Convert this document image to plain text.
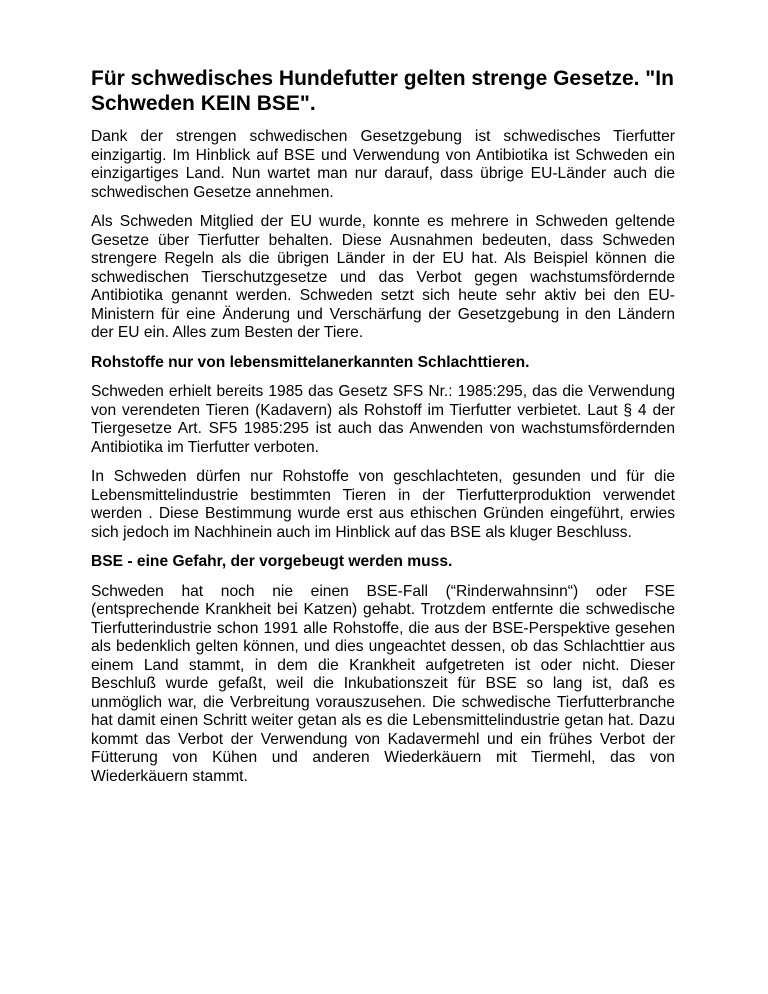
Für schwedisches Hundefutter gelten strenge Gesetze. "In Schweden KEIN BSE".

Dank der strengen schwedischen Gesetzgebung ist schwedisches Tierfutter einzigartig. Im Hinblick auf BSE und Verwendung von Antibiotika ist Schweden ein einzigartiges Land. Nun wartet man nur darauf, dass übrige EU-Länder auch die schwedischen Gesetze annehmen.

Als Schweden Mitglied der EU wurde, konnte es mehrere in Schweden geltende Gesetze über Tierfutter behalten. Diese Ausnahmen bedeuten, dass Schweden strengere Regeln als die übrigen Länder in der EU hat. Als Beispiel können die schwedischen Tierschutzgesetze und das Verbot gegen wachstumsfördernde Antibiotika genannt werden. Schweden setzt sich heute sehr aktiv bei den EU-Ministern für eine Änderung und Verschärfung der Gesetzgebung in den Ländern der EU ein. Alles zum Besten der Tiere.

Rohstoffe nur von lebensmittelanerkannten Schlachttieren.

Schweden erhielt bereits 1985 das Gesetz SFS Nr.: 1985:295, das die Verwendung von verendeten Tieren (Kadavern) als Rohstoff im Tierfutter verbietet. Laut § 4 der Tiergesetze Art. SF5 1985:295 ist auch das Anwenden von wachstumsfördernden Antibiotika im Tierfutter verboten.

In Schweden dürfen nur Rohstoffe von geschlachteten, gesunden und für die Lebensmittelindustrie bestimmten Tieren in der Tierfutterproduktion verwendet werden . Diese Bestimmung wurde erst aus ethischen Gründen eingeführt, erwies sich jedoch im Nachhinein auch im Hinblick auf das BSE als kluger Beschluss.

BSE - eine Gefahr, der vorgebeugt werden muss.

Schweden hat noch nie einen BSE-Fall (“Rinderwahnsinn“) oder FSE (entsprechende Krankheit bei Katzen) gehabt. Trotzdem entfernte die schwedische Tierfutterindustrie schon 1991 alle Rohstoffe, die aus der BSE-Perspektive gesehen als bedenklich gelten können, und dies ungeachtet dessen, ob das Schlachttier aus einem Land stammt, in dem die Krankheit aufgetreten ist oder nicht. Dieser Beschluß wurde gefaßt, weil die Inkubationszeit für BSE so lang ist, daß es unmöglich war, die Verbreitung vorauszusehen. Die schwedische Tierfutterbranche hat damit einen Schritt weiter getan als es die Lebensmittelindustrie getan hat. Dazu kommt das Verbot der Verwendung von Kadavermehl und ein frühes Verbot der Fütterung von Kühen und anderen Wiederkäuern mit Tiermehl, das von Wiederkäuern stammt.
